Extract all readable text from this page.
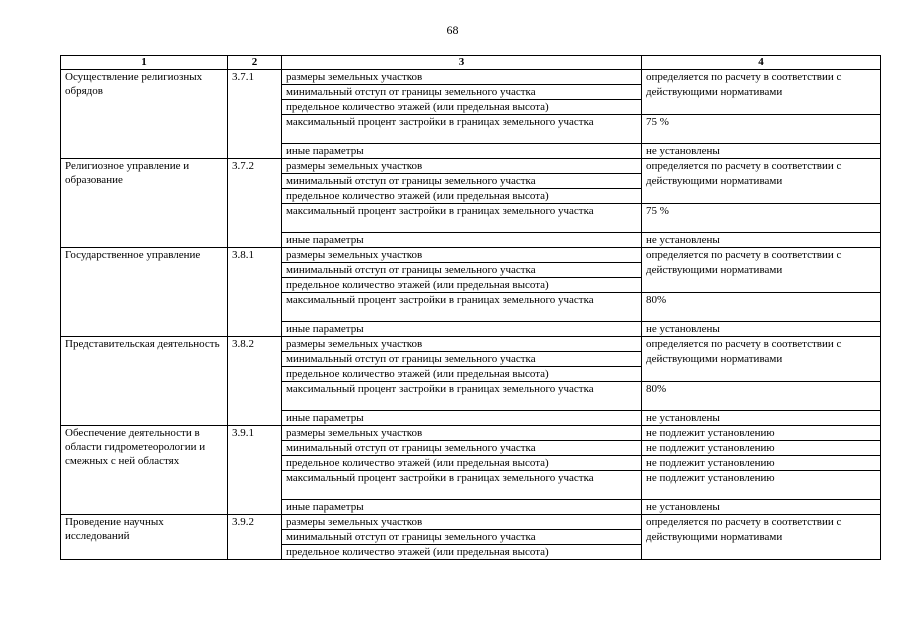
68
1	2	3	4
Осуществление религиозных обрядов	3.7.1	размеры земельных участков	определяется по расчету в соответствии с действующими нормативами
		минимальный отступ от границы земельного участка	
		предельное количество этажей (или предельная высота)	
		максимальный процент застройки в границах земельного участка	75 %
		иные параметры	не установлены
Религиозное управление и образование	3.7.2	размеры земельных участков	определяется по расчету в соответствии с действующими нормативами
		минимальный отступ от границы земельного участка	
		предельное количество этажей (или предельная высота)	
		максимальный процент застройки в границах земельного участка	75 %
		иные параметры	не установлены
Государственное управление	3.8.1	размеры земельных участков	определяется по расчету в соответствии с действующими нормативами
		минимальный отступ от границы земельного участка	
		предельное количество этажей (или предельная высота)	
		максимальный процент застройки в границах земельного участка	80%
		иные параметры	не установлены
Представительская деятельность	3.8.2	размеры земельных участков	определяется по расчету в соответствии с действующими нормативами
		минимальный отступ от границы земельного участка	
		предельное количество этажей (или предельная высота)	
		максимальный процент застройки в границах земельного участка	80%
		иные параметры	не установлены
Обеспечение деятельности в области гидрометеорологии и смежных с ней областях	3.9.1	размеры земельных участков	не подлежит установлению
		минимальный отступ от границы земельного участка	не подлежит установлению
		предельное количество этажей (или предельная высота)	не подлежит установлению
		максимальный процент застройки в границах земельного участка	не подлежит установлению
		иные параметры	не установлены
Проведение научных исследований	3.9.2	размеры земельных участков	определяется по расчету в соответствии с действующими нормативами
		минимальный отступ от границы земельного участка	
		предельное количество этажей (или предельная высота)	
